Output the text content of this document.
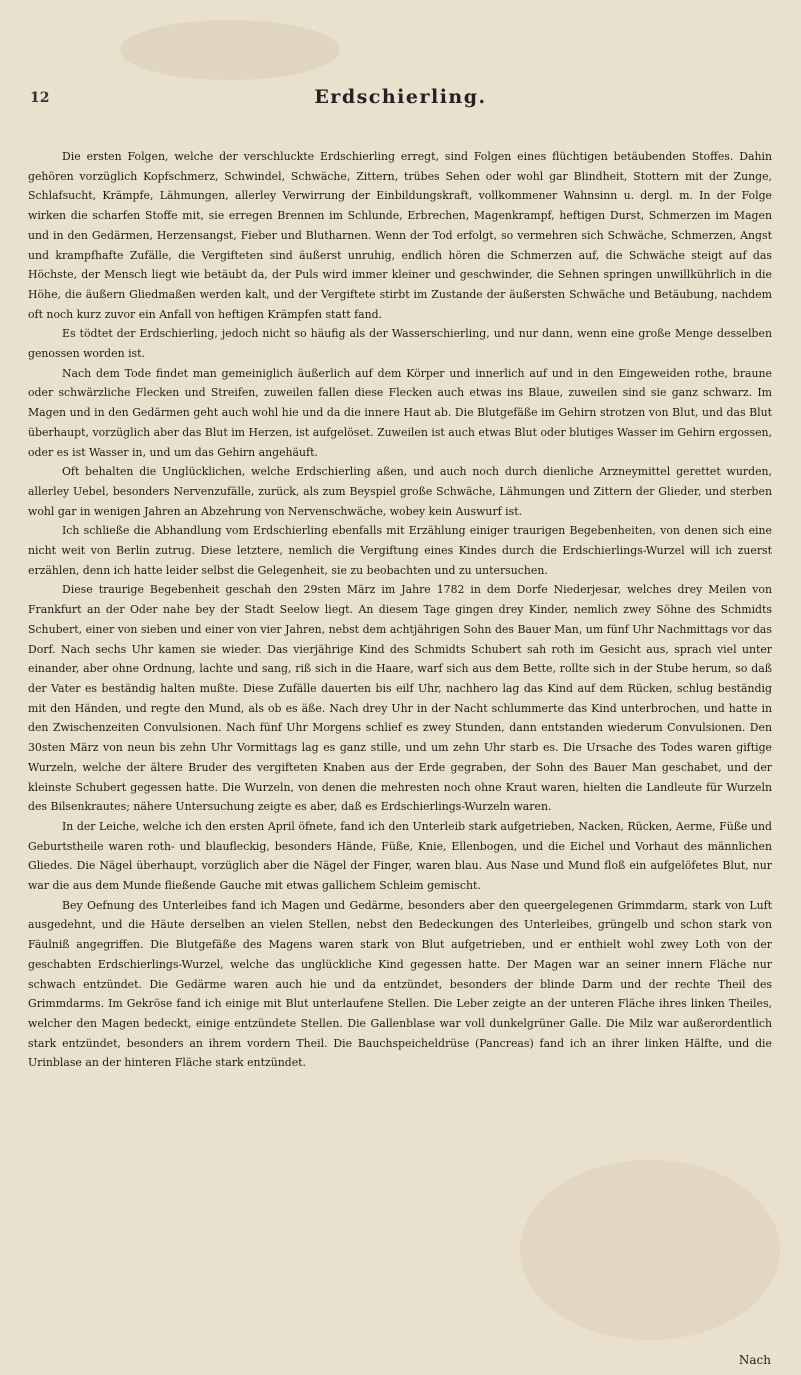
12	Erdschierling.

Die ersten Folgen, welche der verschluckte Erdschierling erregt, sind Folgen eines flüchtigen betäubenden Stoffes. Dahin gehören vorzüglich Kopfschmerz, Schwindel, Schwäche, Zittern, trübes Sehen oder wohl gar Blindheit, Stottern mit der Zunge, Schlafsucht, Krämpfe, Lähmungen, allerley Verwirrung der Einbildungskraft, vollkommener Wahnsinn u. dergl. m. In der Folge wirken die scharfen Stoffe mit, sie erregen Brennen im Schlunde, Erbrechen, Magenkrampf, heftigen Durst, Schmerzen im Magen und in den Gedärmen, Herzensangst, Fieber und Blutharnen. Wenn der Tod erfolgt, so vermehren sich Schwäche, Schmerzen, Angst und krampfhafte Zufälle, die Vergifteten sind äußerst unruhig, endlich hören die Schmerzen auf, die Schwäche steigt auf das Höchste, der Mensch liegt wie betäubt da, der Puls wird immer kleiner und geschwinder, die Sehnen springen unwillkührlich in die Höhe, die äußern Gliedmaßen werden kalt, und der Vergiftete stirbt im Zustande der äußersten Schwäche und Betäubung, nachdem oft noch kurz zuvor ein Anfall von heftigen Krämpfen statt fand.

Es tödtet der Erdschierling, jedoch nicht so häufig als der Wasserschierling, und nur dann, wenn eine große Menge desselben genossen worden ist.

Nach dem Tode findet man gemeiniglich äußerlich auf dem Körper und innerlich auf und in den Eingeweiden rothe, braune oder schwärzliche Flecken und Streifen, zuweilen fallen diese Flecken auch etwas ins Blaue, zuweilen sind sie ganz schwarz. Im Magen und in den Gedärmen geht auch wohl hie und da die innere Haut ab. Die Blutgefäße im Gehirn strotzen von Blut, und das Blut überhaupt, vorzüglich aber das Blut im Herzen, ist aufgelöset. Zuweilen ist auch etwas Blut oder blutiges Wasser im Gehirn ergossen, oder es ist Wasser in, und um das Gehirn angehäuft.

Oft behalten die Unglücklichen, welche Erdschierling aßen, und auch noch durch dienliche Arzneymittel gerettet wurden, allerley Uebel, besonders Nervenzufälle, zurück, als zum Beyspiel große Schwäche, Lähmungen und Zittern der Glieder, und sterben wohl gar in wenigen Jahren an Abzehrung von Nervenschwäche, wobey kein Auswurf ist.

Ich schließe die Abhandlung vom Erdschierling ebenfalls mit Erzählung einiger traurigen Begebenheiten, von denen sich eine nicht weit von Berlin zutrug. Diese letztere, nemlich die Vergiftung eines Kindes durch die Erdschierlings-Wurzel will ich zuerst erzählen, denn ich hatte leider selbst die Gelegenheit, sie zu beobachten und zu untersuchen.

Diese traurige Begebenheit geschah den 29sten März im Jahre 1782 in dem Dorfe Niederjesar, welches drey Meilen von Frankfurt an der Oder nahe bey der Stadt Seelow liegt. An diesem Tage gingen drey Kinder, nemlich zwey Söhne des Schmidts Schubert, einer von sieben und einer von vier Jahren, nebst dem achtjährigen Sohn des Bauer Man, um fünf Uhr Nachmittags vor das Dorf. Nach sechs Uhr kamen sie wieder. Das vierjährige Kind des Schmidts Schubert sah roth im Gesicht aus, sprach viel unter einander, aber ohne Ordnung, lachte und sang, riß sich in die Haare, warf sich aus dem Bette, rollte sich in der Stube herum, so daß der Vater es beständig halten mußte. Diese Zufälle dauerten bis eilf Uhr, nachhero lag das Kind auf dem Rücken, schlug beständig mit den Händen, und regte den Mund, als ob es äße. Nach drey Uhr in der Nacht schlummerte das Kind unterbrochen, und hatte in den Zwischenzeiten Convulsionen. Nach fünf Uhr Morgens schlief es zwey Stunden, dann entstanden wiederum Convulsionen. Den 30sten März von neun bis zehn Uhr Vormittags lag es ganz stille, und um zehn Uhr starb es. Die Ursache des Todes waren giftige Wurzeln, welche der ältere Bruder des vergifteten Knaben aus der Erde gegraben, der Sohn des Bauer Man geschabet, und der kleinste Schubert gegessen hatte. Die Wurzeln, von denen die mehresten noch ohne Kraut waren, hielten die Landleute für Wurzeln des Bilsenkrautes; nähere Untersuchung zeigte es aber, daß es Erdschierlings-Wurzeln waren.

In der Leiche, welche ich den ersten April öfnete, fand ich den Unterleib stark aufgetrieben, Nacken, Rücken, Aerme, Füße und Geburtstheile waren roth- und blaufleckig, besonders Hände, Füße, Knie, Ellenbogen, und die Eichel und Vorhaut des männlichen Gliedes. Die Nägel überhaupt, vorzüglich aber die Nägel der Finger, waren blau. Aus Nase und Mund floß ein aufgelöfetes Blut, nur war die aus dem Munde fließende Gauche mit etwas gallichem Schleim gemischt.

Bey Oefnung des Unterleibes fand ich Magen und Gedärme, besonders aber den queergelegenen Grimmdarm, stark von Luft ausgedehnt, und die Häute derselben an vielen Stellen, nebst den Bedeckungen des Unterleibes, grüngelb und schon stark von Fäulniß angegriffen. Die Blutgefäße des Magens waren stark von Blut aufgetrieben, und er enthielt wohl zwey Loth von der geschabten Erdschierlings-Wurzel, welche das unglückliche Kind gegessen hatte. Der Magen war an seiner innern Fläche nur schwach entzündet. Die Gedärme waren auch hie und da entzündet, besonders der blinde Darm und der rechte Theil des Grimmdarms. Im Gekröse fand ich einige mit Blut unterlaufene Stellen. Die Leber zeigte an der unteren Fläche ihres linken Theiles, welcher den Magen bedeckt, einige entzündete Stellen. Die Gallenblase war voll dunkelgrüner Galle. Die Milz war außerordentlich stark entzündet, besonders an ihrem vordern Theil. Die Bauchspeicheldrüse (Pancreas) fand ich an ihrer linken Hälfte, und die Urinblase an der hinteren Fläche stark entzündet.

Nach
